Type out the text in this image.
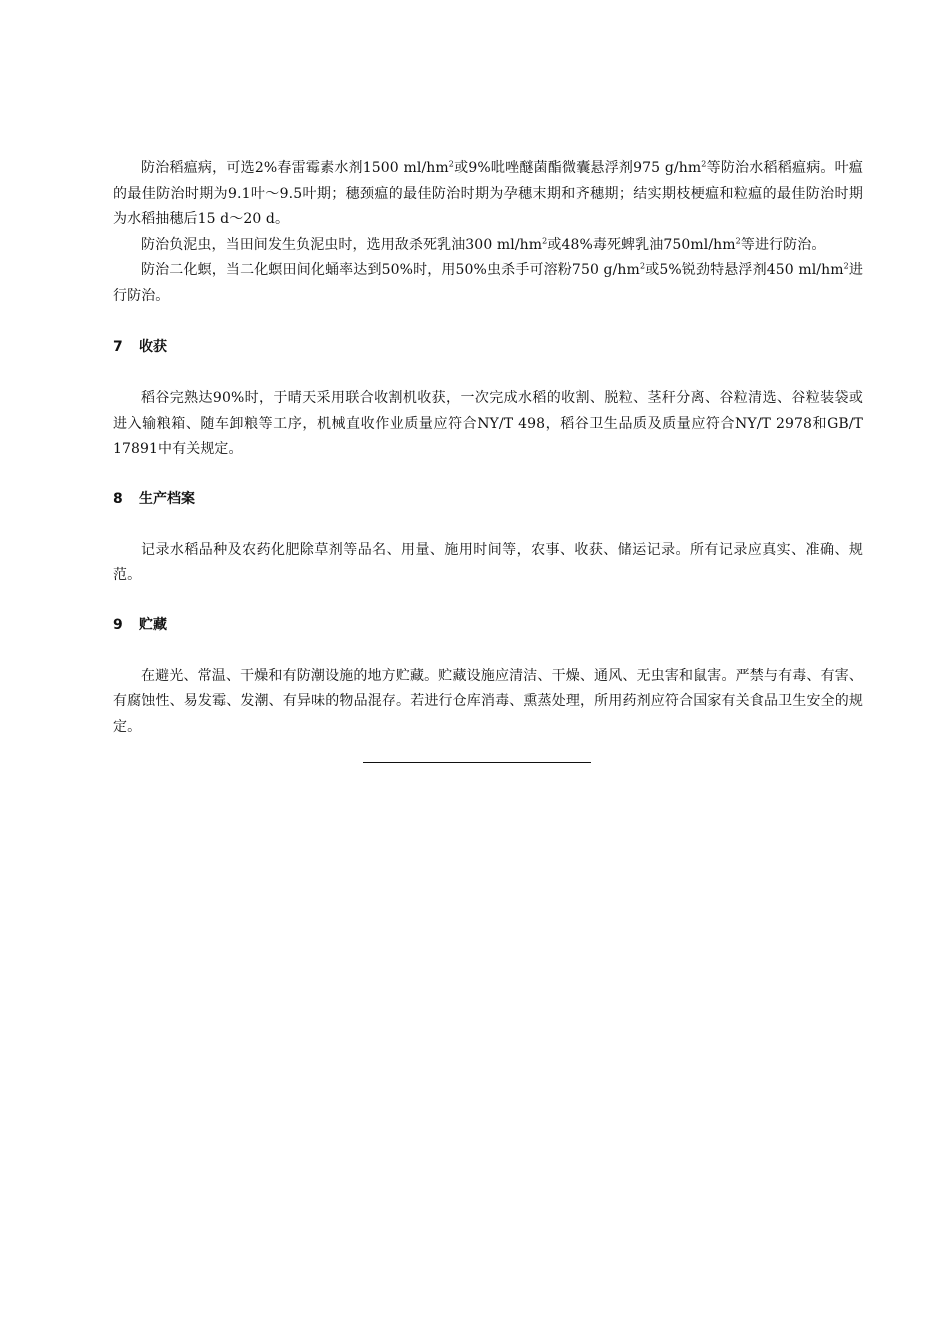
防治稻瘟病，可选2%春雷霉素水剂1500 $ml/hm^2$或9%吡唑醚菌酯微囊悬浮剂975 $g/hm^2$等防治水稻稻瘟病。叶瘟的最佳防治时期为9.1叶～9.5叶期；穗颈瘟的最佳防治时期为孕穗末期和齐穗期；结实期枝梗瘟和粒瘟的最佳防治时期为水稻抽穗后15 d～20 d。

防治负泥虫，当田间发生负泥虫时，选用敌杀死乳油300 $ml/hm^2$或48%毒死蜱乳油$750ml/hm^2$等进行防治。

防治二化螟，当二化螟田间化蛹率达到50%时，用50%虫杀手可溶粉750 $g/hm^2$或5%锐劲特悬浮剂450 $ml/hm^2$进行防治。

7 收获

稻谷完熟达90%时，于晴天采用联合收割机收获，一次完成水稻的收割、脱粒、茎秆分离、谷粒清选、谷粒装袋或进入输粮箱、随车卸粮等工序，机械直收作业质量应符合NY/T 498，稻谷卫生品质及质量应符合NY/T 2978和GB/T 17891中有关规定。

8 生产档案

记录水稻品种及农药化肥除草剂等品名、用量、施用时间等，农事、收获、储运记录。所有记录应真实、准确、规范。

9 贮藏

在避光、常温、干燥和有防潮设施的地方贮藏。贮藏设施应清洁、干燥、通风、无虫害和鼠害。严禁与有毒、有害、有腐蚀性、易发霉、发潮、有异味的物品混存。若进行仓库消毒、熏蒸处理，所用药剂应符合国家有关食品卫生安全的规定。
